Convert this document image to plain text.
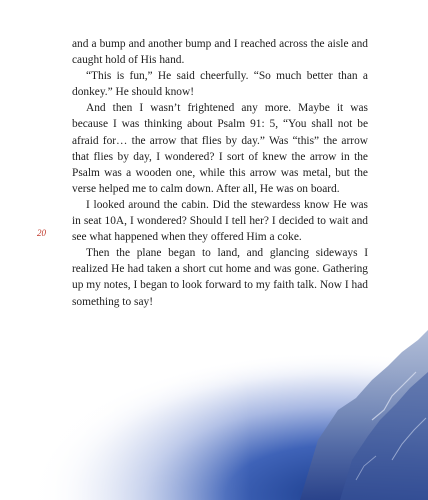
20

and a bump and another bump and I reached across the aisle and caught hold of His hand.

“This is fun,” He said cheerfully. “So much better than a donkey.” He should know!

And then I wasn’t frightened any more. Maybe it was because I was thinking about Psalm 91: 5, “You shall not be afraid for… the arrow that flies by day.” Was “this” the arrow that flies by day, I wondered? I sort of knew the arrow in the Psalm was a wooden one, while this arrow was metal, but the verse helped me to calm down. After all, He was on board.

I looked around the cabin. Did the stewardess know He was in seat 10A, I wondered? Should I tell her? I decided to wait and see what happened when they offered Him a coke.

Then the plane began to land, and glancing sideways I realized He had taken a short cut home and was gone. Gathering up my notes, I began to look forward to my faith talk. Now I had something to say!
